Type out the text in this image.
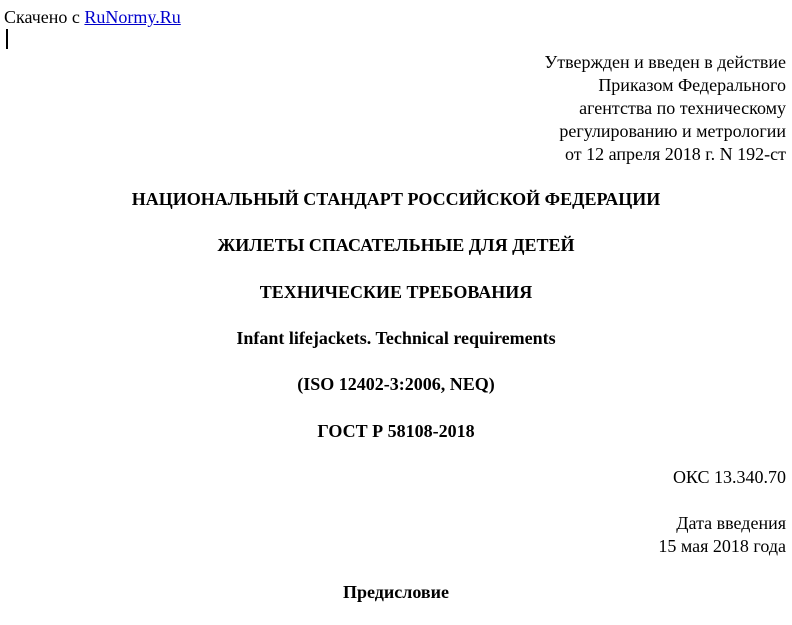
Скачено с RuNormy.Ru
Утвержден и введен в действие
Приказом Федерального
агентства по техническому
регулированию и метрологии
от 12 апреля 2018 г. N 192-ст
НАЦИОНАЛЬНЫЙ СТАНДАРТ РОССИЙСКОЙ ФЕДЕРАЦИИ
ЖИЛЕТЫ СПАСАТЕЛЬНЫЕ ДЛЯ ДЕТЕЙ
ТЕХНИЧЕСКИЕ ТРЕБОВАНИЯ
Infant lifejackets. Technical requirements
(ISO 12402-3:2006, NEQ)
ГОСТ Р 58108-2018
ОКС 13.340.70
Дата введения
15 мая 2018 года
Предисловие
